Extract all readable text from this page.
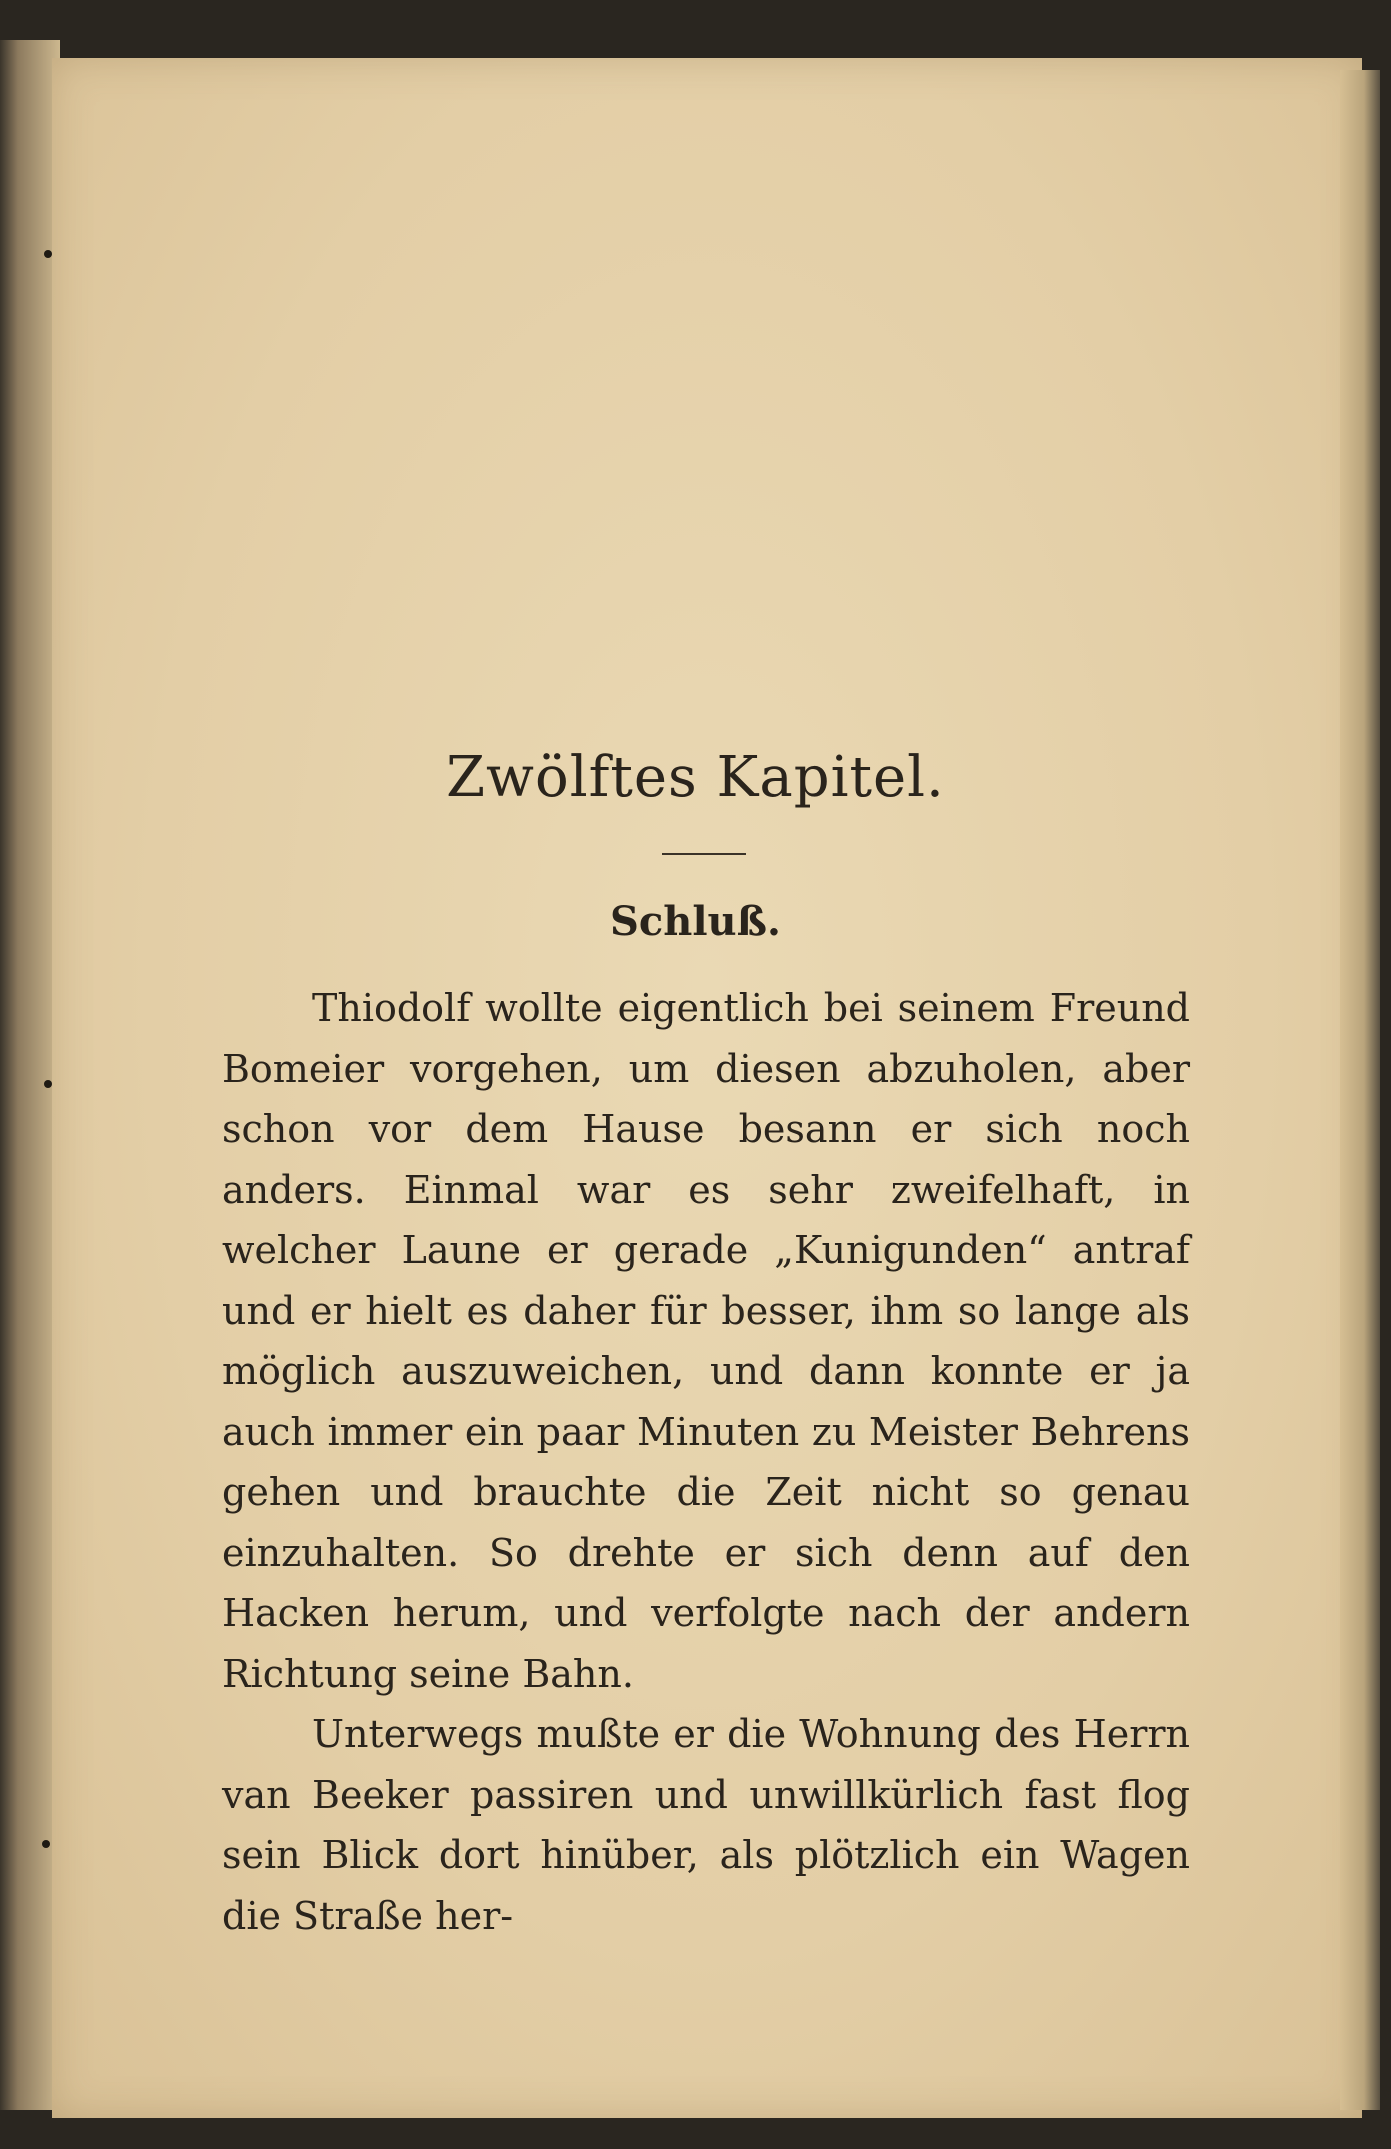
Zwölftes Kapitel.
Schluß.

Thiodolf wollte eigentlich bei seinem Freund Bomeier vorgehen, um diesen abzuholen, aber schon vor dem Hause besann er sich noch anders. Einmal war es sehr zweifelhaft, in welcher Laune er gerade „Kunigunden“ antraf und er hielt es daher für besser, ihm so lange als möglich auszuweichen, und dann konnte er ja auch immer ein paar Minuten zu Meister Behrens gehen und brauchte die Zeit nicht so genau einzuhalten. So drehte er sich denn auf den Hacken herum, und verfolgte nach der andern Richtung seine Bahn.

Unterwegs mußte er die Wohnung des Herrn van Beeker passiren und unwillkürlich fast flog sein Blick dort hinüber, als plötzlich ein Wagen die Straße her-
